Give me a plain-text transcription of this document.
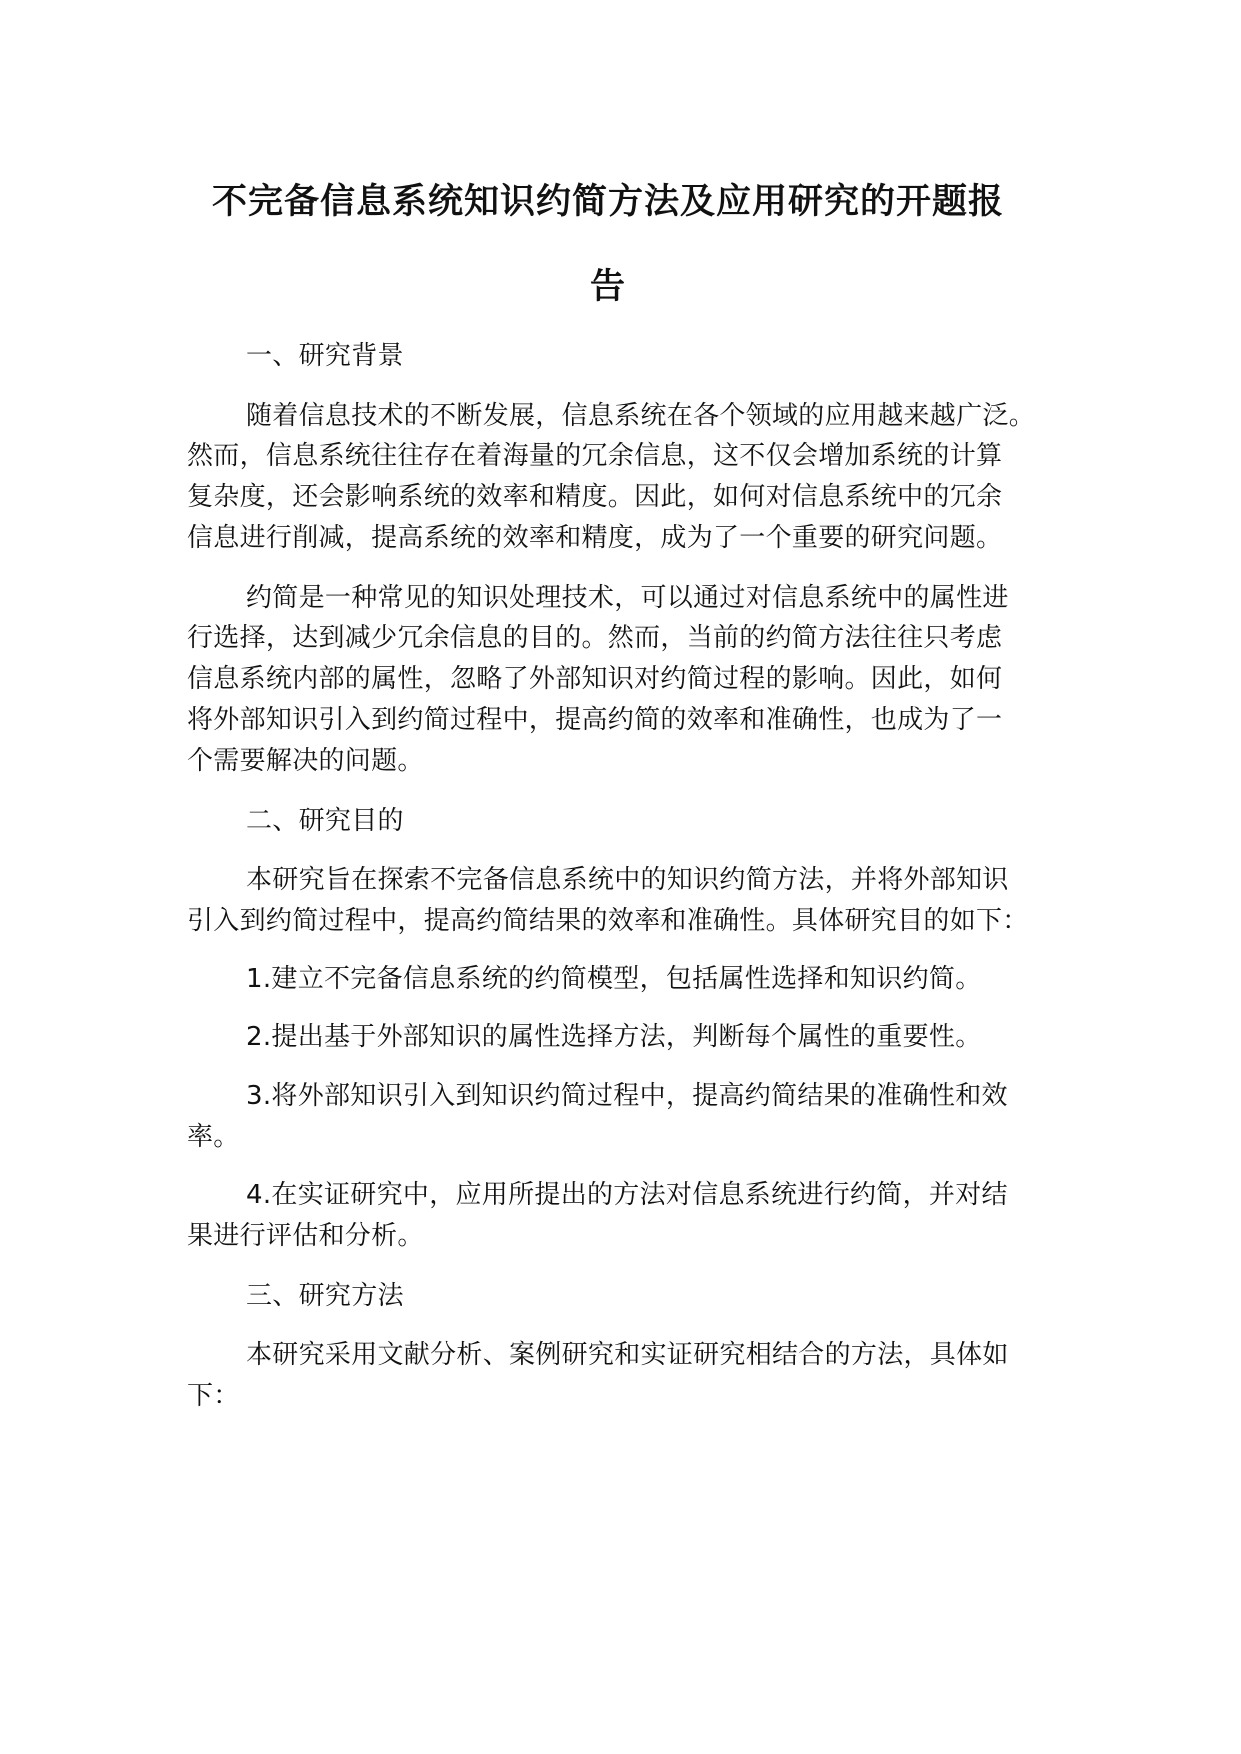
不完备信息系统知识约简方法及应用研究的开题报
告
一、研究背景
随着信息技术的不断发展，信息系统在各个领域的应用越来越广泛。
然而，信息系统往往存在着海量的冗余信息，这不仅会增加系统的计算
复杂度，还会影响系统的效率和精度。因此，如何对信息系统中的冗余
信息进行削减，提高系统的效率和精度，成为了一个重要的研究问题。
约简是一种常见的知识处理技术，可以通过对信息系统中的属性进
行选择，达到减少冗余信息的目的。然而，当前的约简方法往往只考虑
信息系统内部的属性，忽略了外部知识对约简过程的影响。因此，如何
将外部知识引入到约简过程中，提高约简的效率和准确性，也成为了一
个需要解决的问题。
二、研究目的
本研究旨在探索不完备信息系统中的知识约简方法，并将外部知识
引入到约简过程中，提高约简结果的效率和准确性。具体研究目的如下：
1.建立不完备信息系统的约简模型，包括属性选择和知识约简。
2.提出基于外部知识的属性选择方法，判断每个属性的重要性。
3.将外部知识引入到知识约简过程中，提高约简结果的准确性和效
率。
4.在实证研究中，应用所提出的方法对信息系统进行约简，并对结
果进行评估和分析。
三、研究方法
本研究采用文献分析、案例研究和实证研究相结合的方法，具体如
下：
